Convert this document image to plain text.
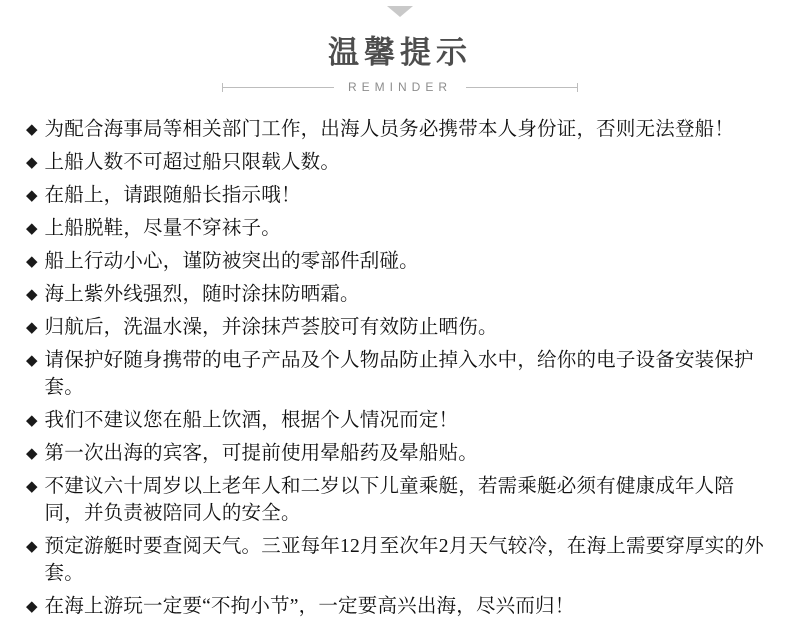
温馨提示
REMINDER
◆ 为配合海事局等相关部门工作，出海人员务必携带本人身份证，否则无法登船！
◆ 上船人数不可超过船只限载人数。
◆ 在船上，请跟随船长指示哦！
◆ 上船脱鞋，尽量不穿袜子。
◆ 船上行动小心，谨防被突出的零部件刮碰。
◆ 海上紫外线强烈，随时涂抹防晒霜。
◆ 归航后，洗温水澡，并涂抹芦荟胶可有效防止晒伤。
◆ 请保护好随身携带的电子产品及个人物品防止掉入水中，给你的电子设备安装保护套。
◆ 我们不建议您在船上饮酒，根据个人情况而定！
◆ 第一次出海的宾客，可提前使用晕船药及晕船贴。
◆ 不建议六十周岁以上老年人和二岁以下儿童乘艇，若需乘艇必须有健康成年人陪同，并负责被陪同人的安全。
◆ 预定游艇时要查阅天气。三亚每年12月至次年2月天气较冷，在海上需要穿厚实的外套。
◆ 在海上游玩一定要“不拘小节”，一定要高兴出海，尽兴而归！
